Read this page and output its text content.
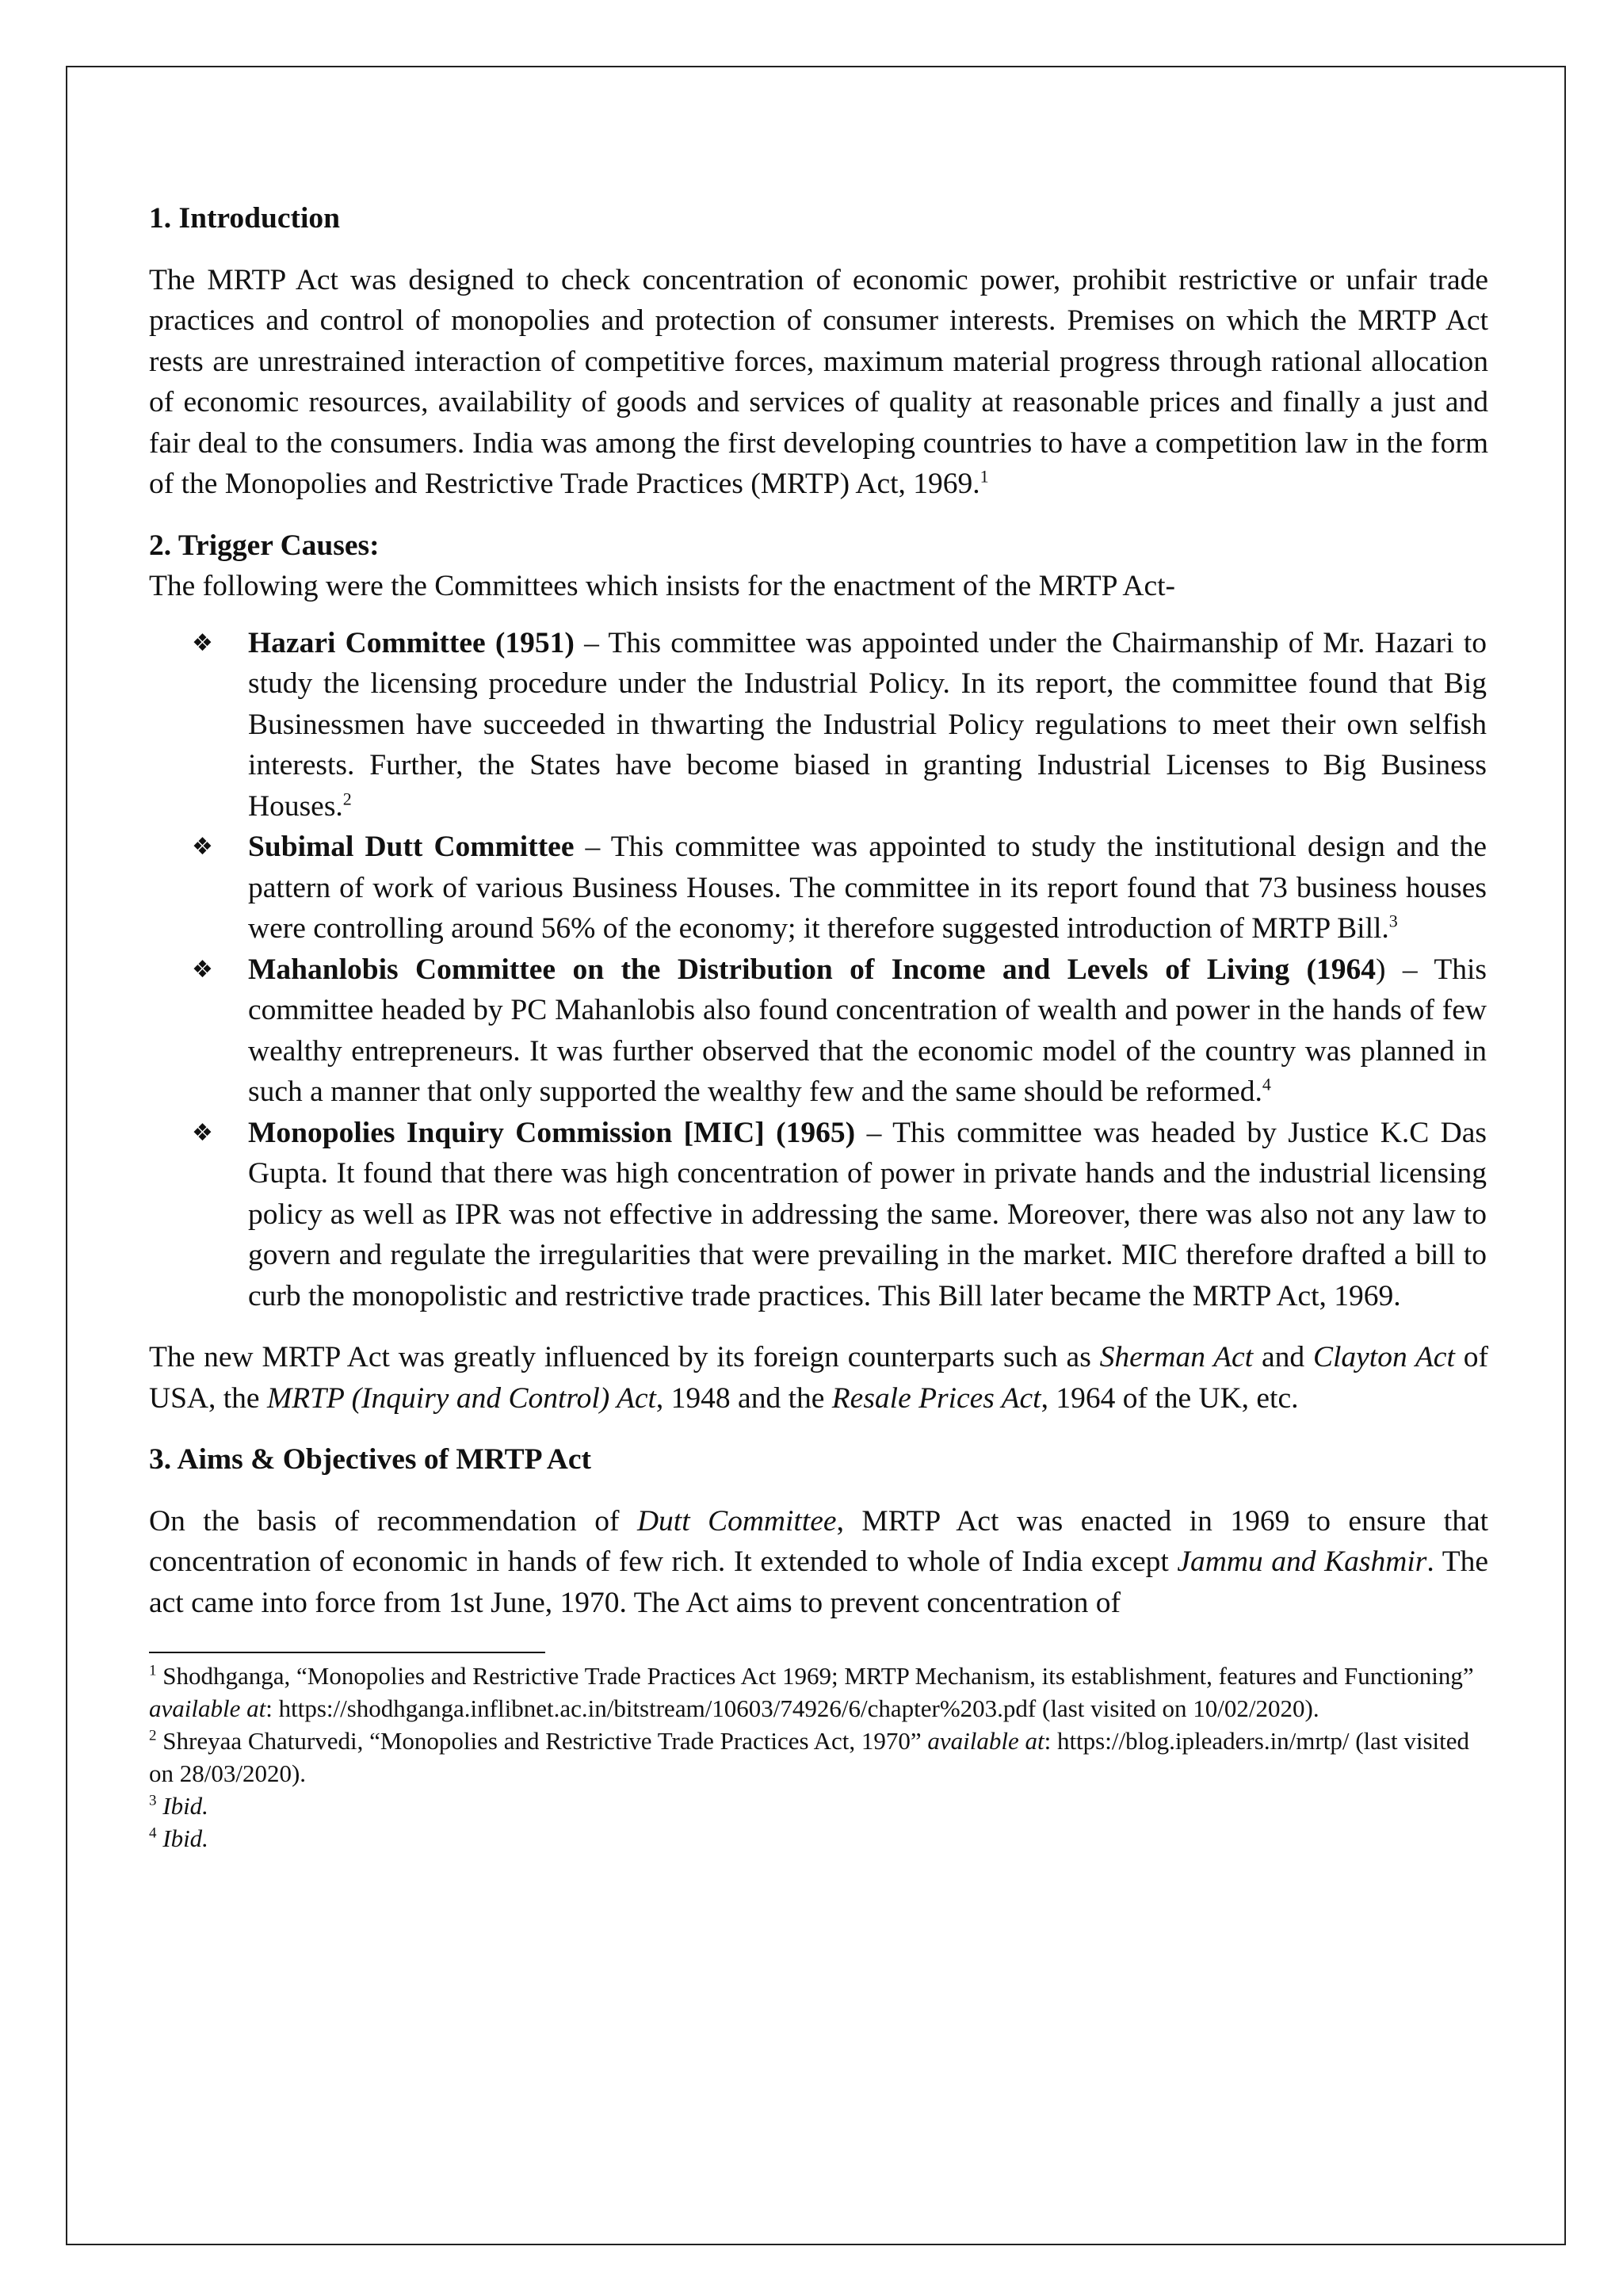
1. Introduction

The MRTP Act was designed to check concentration of economic power, prohibit restrictive or unfair trade practices and control of monopolies and protection of consumer interests. Premises on which the MRTP Act rests are unrestrained interaction of competitive forces, maximum material progress through rational allocation of economic resources, availability of goods and services of quality at reasonable prices and finally a just and fair deal to the consumers. India was among the first developing countries to have a competition law in the form of the Monopolies and Restrictive Trade Practices (MRTP) Act, 1969.$^1$

2. Trigger Causes:

The following were the Committees which insists for the enactment of the MRTP Act-

❖ Hazari Committee (1951) – This committee was appointed under the Chairmanship of Mr. Hazari to study the licensing procedure under the Industrial Policy. In its report, the committee found that Big Businessmen have succeeded in thwarting the Industrial Policy regulations to meet their own selfish interests. Further, the States have become biased in granting Industrial Licenses to Big Business Houses.$^2$
❖ Subimal Dutt Committee – This committee was appointed to study the institutional design and the pattern of work of various Business Houses. The committee in its report found that 73 business houses were controlling around 56% of the economy; it therefore suggested introduction of MRTP Bill.$^3$
❖ Mahanlobis Committee on the Distribution of Income and Levels of Living (1964) – This committee headed by PC Mahanlobis also found concentration of wealth and power in the hands of few wealthy entrepreneurs. It was further observed that the economic model of the country was planned in such a manner that only supported the wealthy few and the same should be reformed.$^4$
❖ Monopolies Inquiry Commission [MIC] (1965) – This committee was headed by Justice K.C Das Gupta. It found that there was high concentration of power in private hands and the industrial licensing policy as well as IPR was not effective in addressing the same. Moreover, there was also not any law to govern and regulate the irregularities that were prevailing in the market. MIC therefore drafted a bill to curb the monopolistic and restrictive trade practices. This Bill later became the MRTP Act, 1969.

The new MRTP Act was greatly influenced by its foreign counterparts such as Sherman Act and Clayton Act of USA, the MRTP (Inquiry and Control) Act, 1948 and the Resale Prices Act, 1964 of the UK, etc.

3. Aims & Objectives of MRTP Act

On the basis of recommendation of Dutt Committee, MRTP Act was enacted in 1969 to ensure that concentration of economic in hands of few rich. It extended to whole of India except Jammu and Kashmir. The act came into force from 1st June, 1970. The Act aims to prevent concentration of

$^1$ Shodhganga, “Monopolies and Restrictive Trade Practices Act 1969; MRTP Mechanism, its establishment, features and Functioning” available at: https://shodhganga.inflibnet.ac.in/bitstream/10603/74926/6/chapter%203.pdf (last visited on 10/02/2020).

$^2$ Shreyaa Chaturvedi, “Monopolies and Restrictive Trade Practices Act, 1970” available at: https://blog.ipleaders.in/mrtp/ (last visited on 28/03/2020).

$^3$ Ibid.

$^4$ Ibid.
